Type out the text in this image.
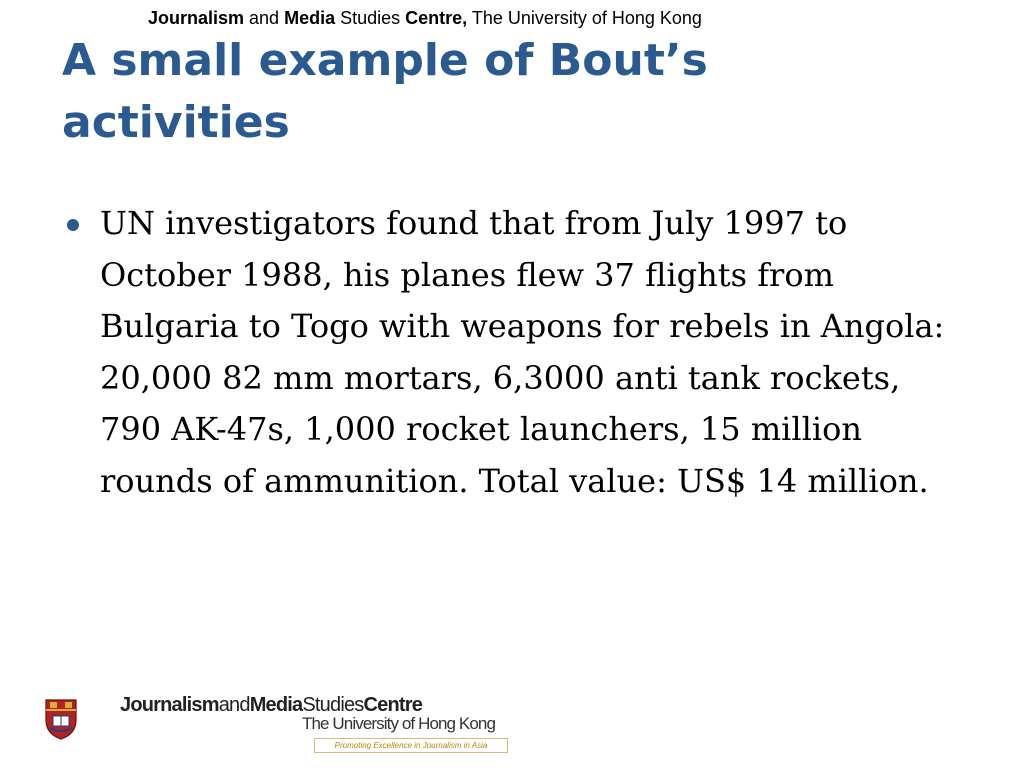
Journalism and Media Studies Centre, The University of Hong Kong
A small example of Bout’s activities
UN investigators found that from July 1997 to October 1988, his planes flew 37 flights from Bulgaria to Togo with weapons for rebels in Angola: 20,000 82 mm mortars, 6,3000 anti tank rockets, 790 AK-47s, 1,000 rocket launchers, 15 million rounds of ammunition. Total value: US$ 14 million.
JournalismandMediaStudiesCentre
The University of Hong Kong
Promoting Excellence in Journalism in Asia
